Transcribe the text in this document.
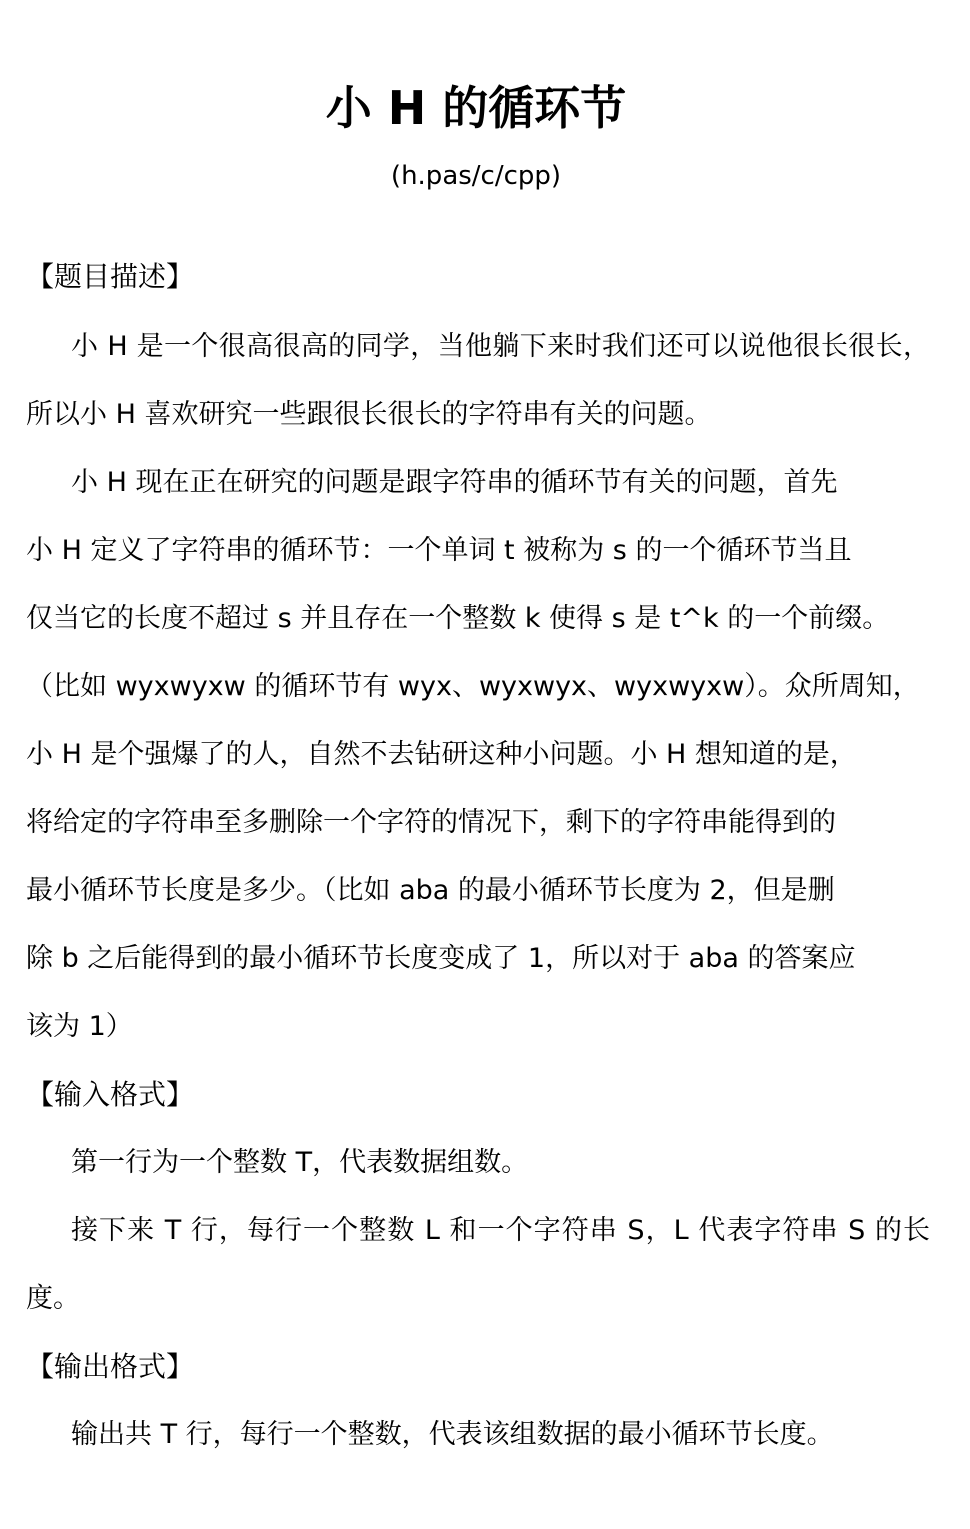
小 H 的循环节
(h.pas/c/cpp)
【题目描述】

小 H 是一个很高很高的同学，当他躺下来时我们还可以说他很长很长，所以小 H 喜欢研究一些跟很长很长的字符串有关的问题。

小 H 现在正在研究的问题是跟字符串的循环节有关的问题，首先

小 H 定义了字符串的循环节：一个单词 t 被称为 s 的一个循环节当且

仅当它的长度不超过 s 并且存在一个整数 k 使得 s 是 t^k 的一个前缀。

（比如 wyxwyxw 的循环节有 wyx、wyxwyx、wyxwyxw）。众所周知，

小 H 是个强爆了的人，自然不去钻研这种小问题。小 H 想知道的是，

将给定的字符串至多删除一个字符的情况下，剩下的字符串能得到的

最小循环节长度是多少。（比如 aba 的最小循环节长度为 2，但是删

除 b 之后能得到的最小循环节长度变成了 1，所以对于 aba 的答案应

该为 1）

【输入格式】

第一行为一个整数 T，代表数据组数。

接下来 T 行，每行一个整数 L 和一个字符串 S，L 代表字符串 S 的长度。

【输出格式】

输出共 T 行，每行一个整数，代表该组数据的最小循环节长度。
